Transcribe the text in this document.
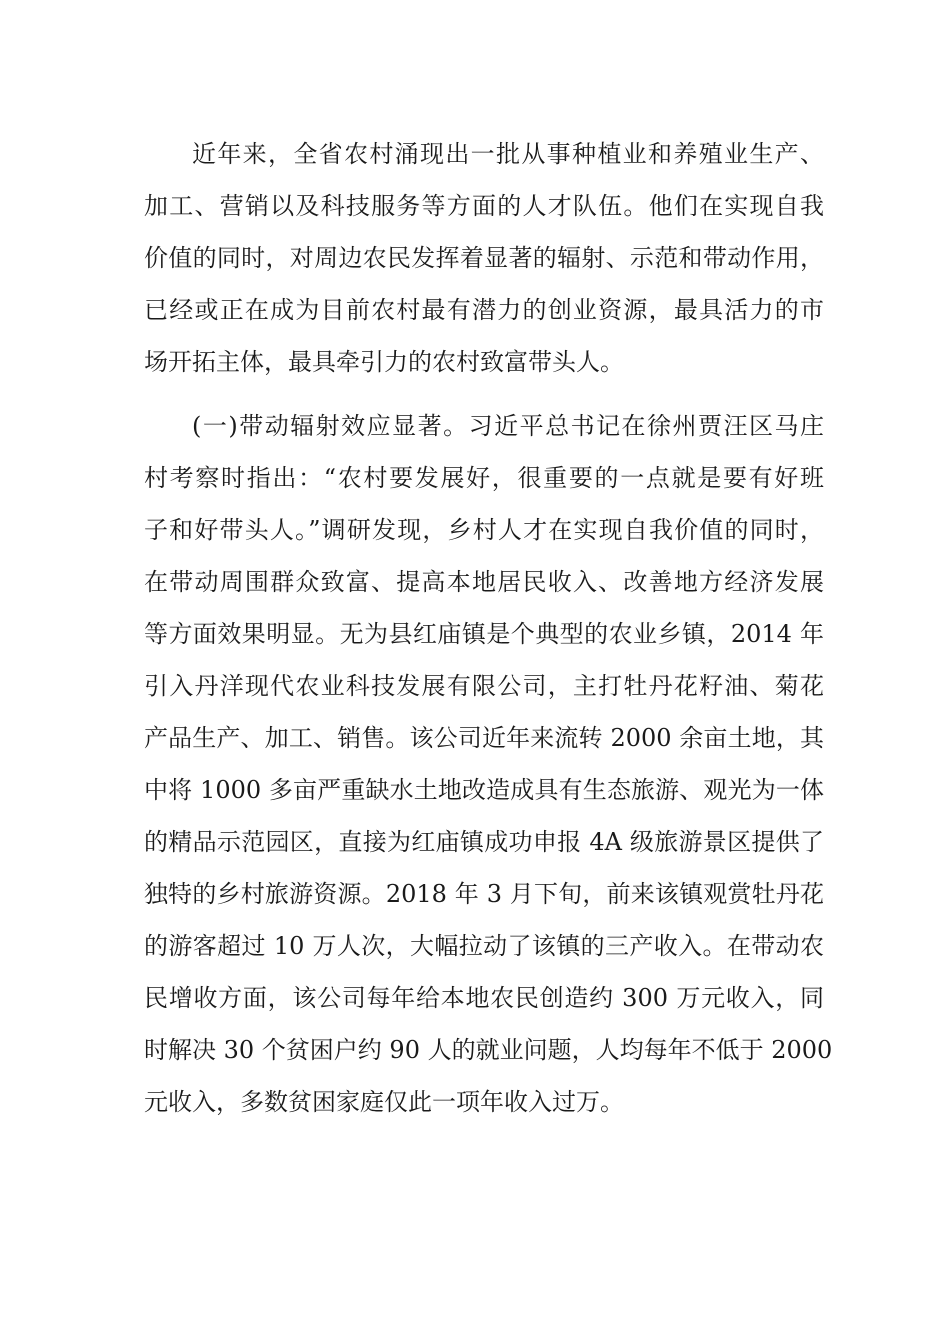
近年来，全省农村涌现出一批从事种植业和养殖业生产、
加工、营销以及科技服务等方面的人才队伍。他们在实现自我
价值的同时，对周边农民发挥着显著的辐射、示范和带动作用，
已经或正在成为目前农村最有潜力的创业资源，最具活力的市
场开拓主体，最具牵引力的农村致富带头人。
(一)带动辐射效应显著。习近平总书记在徐州贾汪区马庄
村考察时指出：“农村要发展好，很重要的一点就是要有好班
子和好带头人。”调研发现，乡村人才在实现自我价值的同时，
在带动周围群众致富、提高本地居民收入、改善地方经济发展
等方面效果明显。无为县红庙镇是个典型的农业乡镇，2014 年
引入丹洋现代农业科技发展有限公司，主打牡丹花籽油、菊花
产品生产、加工、销售。该公司近年来流转 2000 余亩土地，其
中将 1000 多亩严重缺水土地改造成具有生态旅游、观光为一体
的精品示范园区，直接为红庙镇成功申报 4A 级旅游景区提供了
独特的乡村旅游资源。2018 年 3 月下旬，前来该镇观赏牡丹花
的游客超过 10 万人次，大幅拉动了该镇的三产收入。在带动农
民增收方面，该公司每年给本地农民创造约 300 万元收入，同
时解决 30 个贫困户约 90 人的就业问题，人均每年不低于 2000
元收入，多数贫困家庭仅此一项年收入过万。
